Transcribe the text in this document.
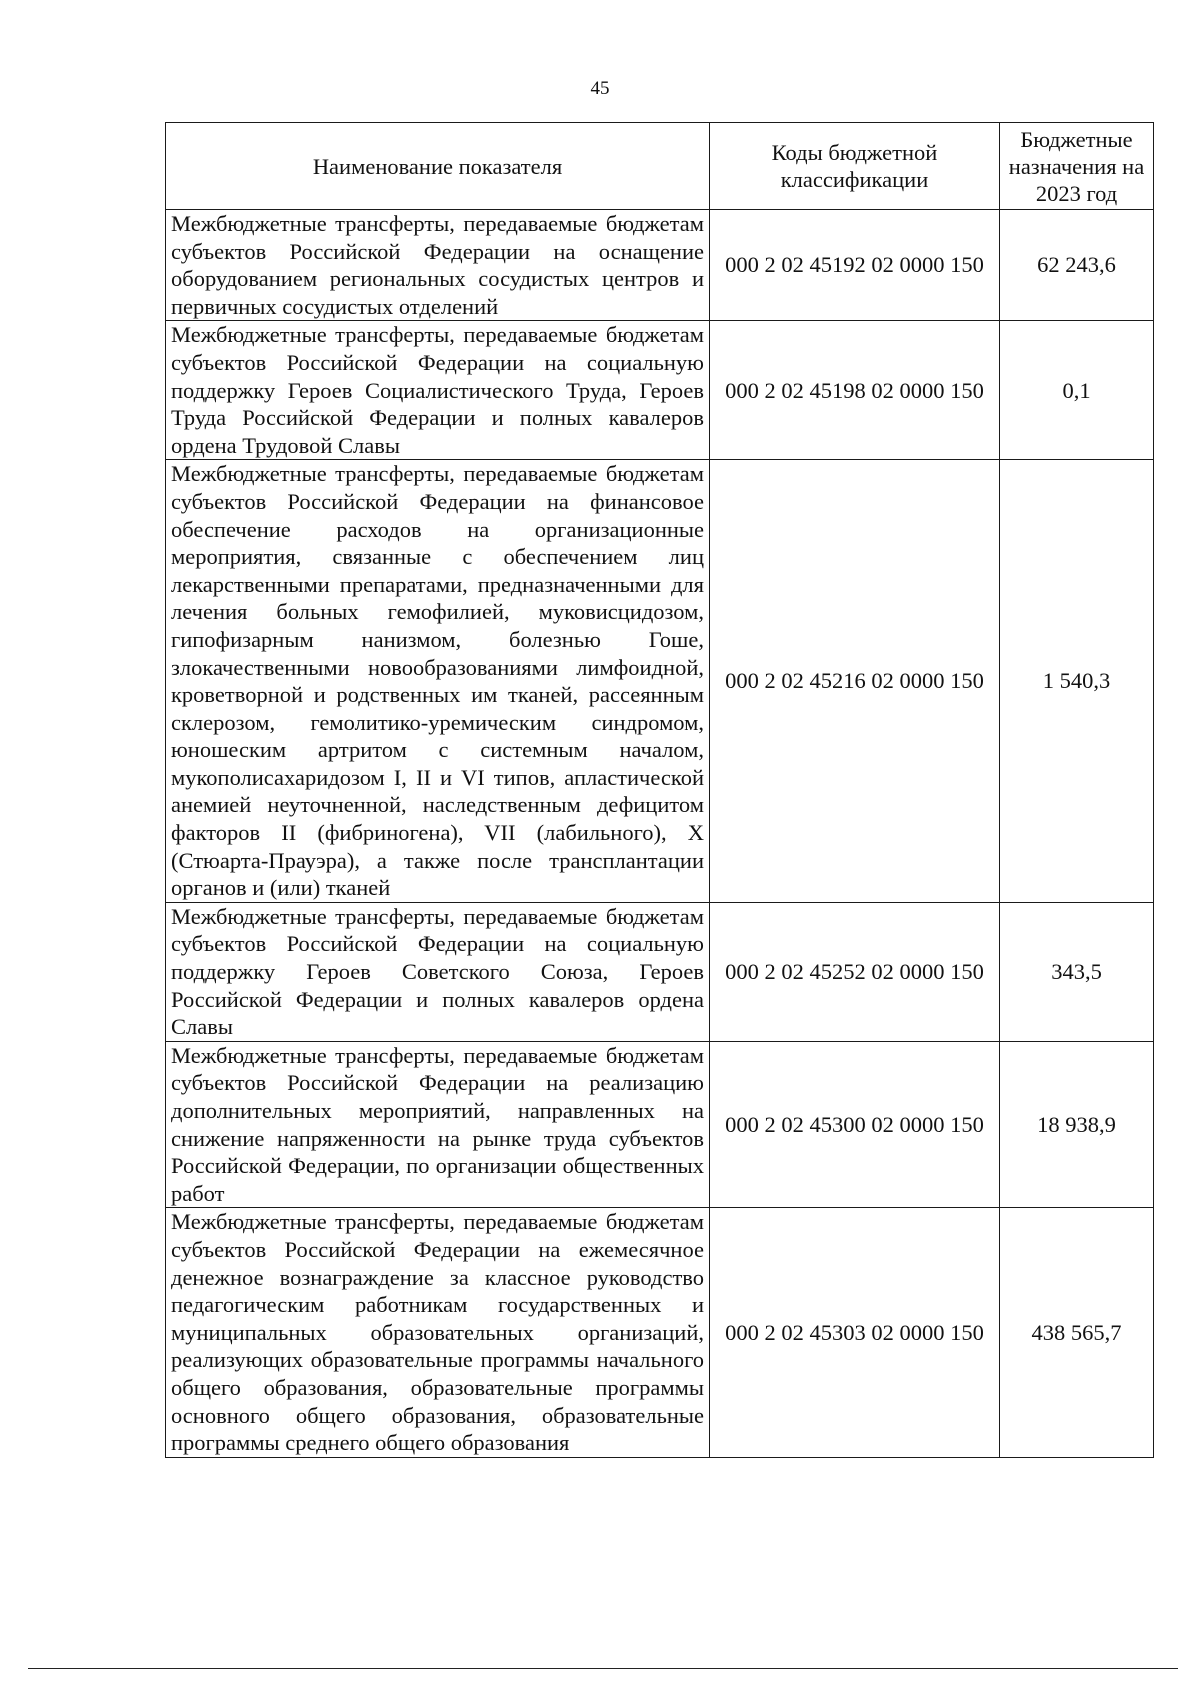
45
Наименование показателя	Коды бюджетной классификации	Бюджетные назначения на 2023 год
Межбюджетные трансферты, передаваемые бюджетам субъектов Российской Федерации на оснащение оборудованием региональных сосудистых центров и первичных сосудистых отделений	000 2 02 45192 02 0000 150	62 243,6
Межбюджетные трансферты, передаваемые бюджетам субъектов Российской Федерации на социальную поддержку Героев Социалистического Труда, Героев Труда Российской Федерации и полных кавалеров ордена Трудовой Славы	000 2 02 45198 02 0000 150	0,1
Межбюджетные трансферты, передаваемые бюджетам субъектов Российской Федерации на финансовое обеспечение расходов на организационные мероприятия, связанные с обеспечением лиц лекарственными препаратами, предназначенными для лечения больных гемофилией, муковисцидозом, гипофизарным нанизмом, болезнью Гоше, злокачественными новообразованиями лимфоидной, кроветворной и родственных им тканей, рассеянным склерозом, гемолитико-уремическим синдромом, юношеским артритом с системным началом, мукополисахаридозом I, II и VI типов, апластической анемией неуточненной, наследственным дефицитом факторов II (фибриногена), VII (лабильного), X (Стюарта-Прауэра), а также после трансплантации органов и (или) тканей	000 2 02 45216 02 0000 150	1 540,3
Межбюджетные трансферты, передаваемые бюджетам субъектов Российской Федерации на социальную поддержку Героев Советского Союза, Героев Российской Федерации и полных кавалеров ордена Славы	000 2 02 45252 02 0000 150	343,5
Межбюджетные трансферты, передаваемые бюджетам субъектов Российской Федерации на реализацию дополнительных мероприятий, направленных на снижение напряженности на рынке труда субъектов Российской Федерации, по организации общественных работ	000 2 02 45300 02 0000 150	18 938,9
Межбюджетные трансферты, передаваемые бюджетам субъектов Российской Федерации на ежемесячное денежное вознаграждение за классное руководство педагогическим работникам государственных и муниципальных образовательных организаций, реализующих образовательные программы начального общего образования, образовательные программы основного общего образования, образовательные программы среднего общего образования	000 2 02 45303 02 0000 150	438 565,7
